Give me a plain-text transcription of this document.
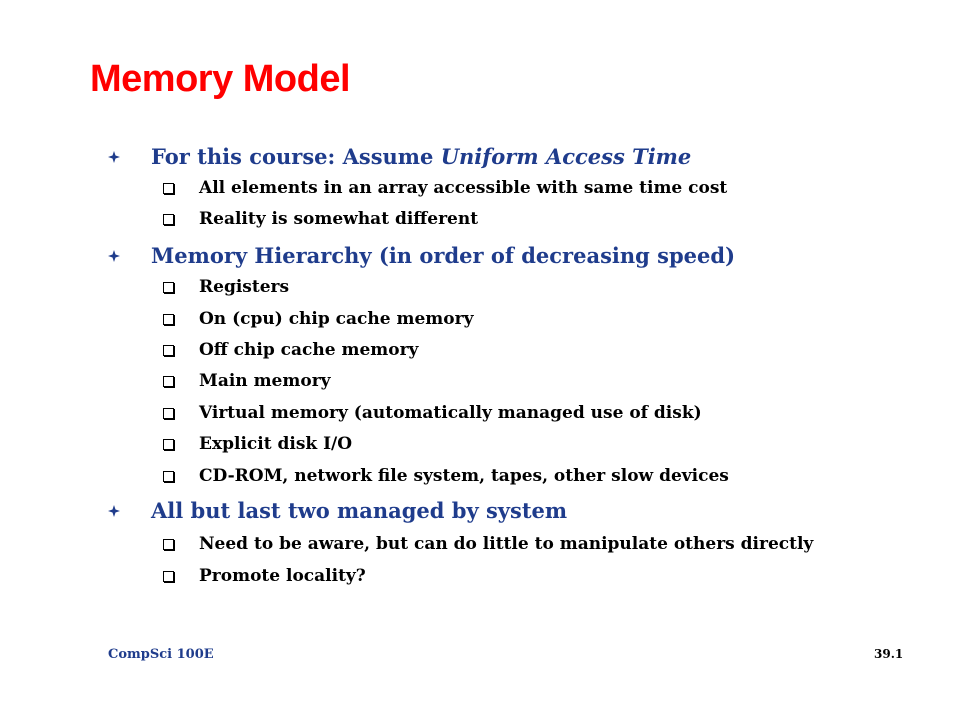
Memory Model
For this course: Assume Uniform Access Time
All elements in an array accessible with same time cost
Reality is somewhat different
Memory Hierarchy (in order of decreasing speed)
Registers
On (cpu) chip cache memory
Off chip cache memory
Main memory
Virtual memory (automatically managed use of disk)
Explicit disk I/O
CD-ROM, network file system, tapes, other slow devices
All but last two managed by system
Need to be aware, but can do little to manipulate others directly
Promote locality?
CompSci 100E	39.1
